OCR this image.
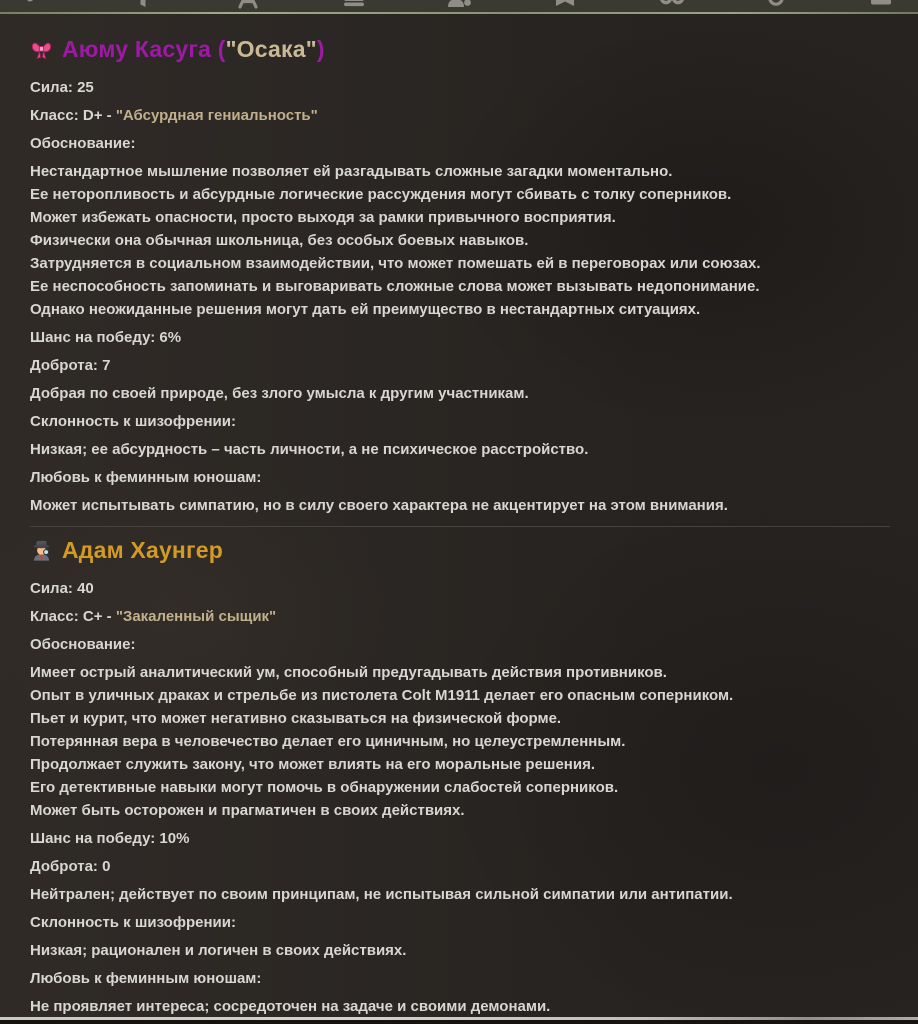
Аюму Касуга ("Осака")

Сила: 25

Класс: D+ - "Абсурдная гениальность"

Обоснование:

Нестандартное мышление позволяет ей разгадывать сложные загадки моментально.
Ее неторопливость и абсурдные логические рассуждения могут сбивать с толку соперников.
Может избежать опасности, просто выходя за рамки привычного восприятия.
Физически она обычная школьница, без особых боевых навыков.
Затрудняется в социальном взаимодействии, что может помешать ей в переговорах или союзах.
Ее неспособность запоминать и выговаривать сложные слова может вызывать недопонимание.
Однако неожиданные решения могут дать ей преимущество в нестандартных ситуациях.

Шанс на победу: 6%

Доброта: 7

Добрая по своей природе, без злого умысла к другим участникам.

Склонность к шизофрении:

Низкая; ее абсурдность – часть личности, а не психическое расстройство.

Любовь к феминным юношам:

Может испытывать симпатию, но в силу своего характера не акцентирует на этом внимания.

Адам Хаунгер

Сила: 40

Класс: C+ - "Закаленный сыщик"

Обоснование:

Имеет острый аналитический ум, способный предугадывать действия противников.
Опыт в уличных драках и стрельбе из пистолета Colt M1911 делает его опасным соперником.
Пьет и курит, что может негативно сказываться на физической форме.
Потерянная вера в человечество делает его циничным, но целеустремленным.
Продолжает служить закону, что может влиять на его моральные решения.
Его детективные навыки могут помочь в обнаружении слабостей соперников.
Может быть осторожен и прагматичен в своих действиях.

Шанс на победу: 10%

Доброта: 0

Нейтрален; действует по своим принципам, не испытывая сильной симпатии или антипатии.

Склонность к шизофрении:

Низкая; рационален и логичен в своих действиях.

Любовь к феминным юношам:

Не проявляет интереса; сосредоточен на задаче и своими демонами.
